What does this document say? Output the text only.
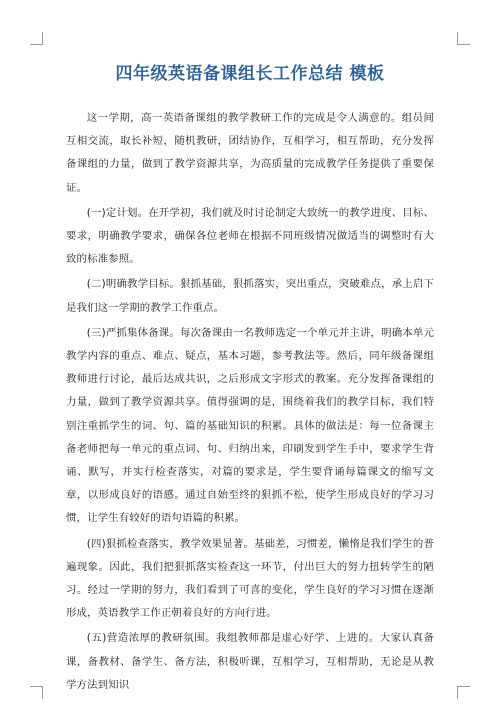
四年级英语备课组长工作总结 模板

这一学期，高一英语备课组的教学教研工作的完成是令人满意的。组员间互相交流，取长补短，随机教研，团结协作，互相学习，相互帮助，充分发挥备课组的力量，做到了教学资源共享，为高质量的完成教学任务提供了重要保证。

(一)定计划。在开学初，我们就及时讨论制定大致统一的教学进度、目标、要求，明确教学要求，确保各位老师在根据不同班级情况做适当的调整时有大致的标准参照。

(二)明确教学目标。狠抓基础，狠抓落实，突出重点，突破难点，承上启下是我们这一学期的教学工作重点。

(三)严抓集体备课。每次备课由一名教师选定一个单元并主讲，明确本单元教学内容的重点、难点、疑点，基本习题，参考教法等。然后，同年级备课组教师进行讨论，最后达成共识，之后形成文字形式的教案。充分发挥备课组的力量，做到了教学资源共享。值得强调的是，围绕着我们的教学目标，我们特别注重抓学生的词、句、篇的基础知识的积累。具体的做法是：每一位备课主备老师把每一单元的重点词、句、归纳出来，印刷发到学生手中，要求学生背诵、默写，并实行检查落实，对篇的要求是，学生要背诵每篇课文的缩写文章，以形成良好的语感。通过自始至终的狠抓不松，使学生形成良好的学习习惯，让学生有较好的语句语篇的积累。

(四)狠抓检查落实，教学效果显著。基础差，习惯差，懒惰是我们学生的普遍现象。因此，我们把狠抓落实检查这一环节，付出巨大的努力扭转学生的陋习。经过一学期的努力，我们看到了可喜的变化，学生良好的学习习惯在逐渐形成，英语教学工作正朝着良好的方向行进。

(五)营造浓厚的教研氛围。我组教师都是虚心好学、上进的。大家认真备课，备教材、备学生、备方法，积极听课，互相学习，互相帮助，无论是从教学方法到知识
